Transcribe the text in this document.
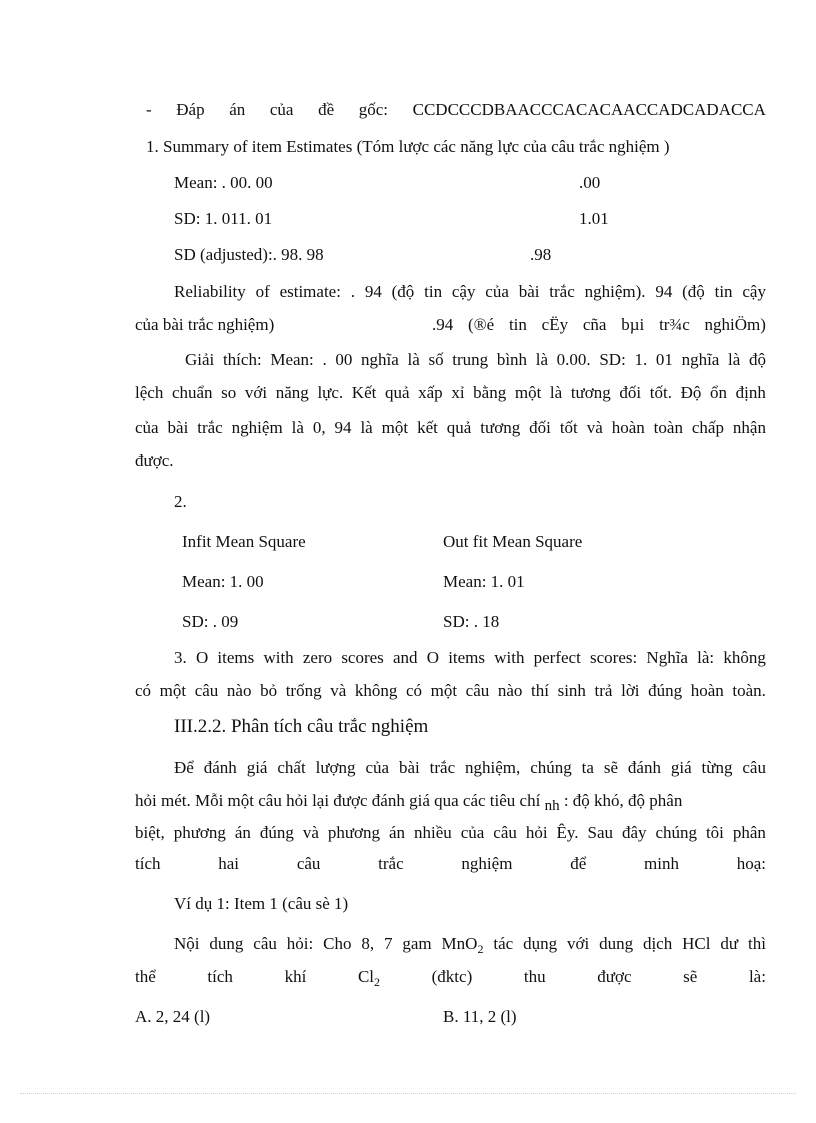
- Đáp án của đề gốc: CCDCCCDBAACCCACACAACCADCADACCA
1. Summary of item Estimates (Tóm lược các năng lực của câu trắc nghiệm )
Mean: . 00. 00	.00
SD: 1. 011. 01	1.01
SD (adjusted):. 98. 98	.98
Reliability of estimate: . 94 (độ tin cậy của bài trắc nghiệm). 94 (độ tin cậy
của bài trắc nghiệm)	.94 (®é tin cËy cña bµi tr¾c nghiÖm)
Giải thích: Mean: . 00 nghĩa là số trung bình là 0.00. SD: 1. 01 nghĩa là độ
lệch chuẩn so với năng lực. Kết quả xấp xỉ bằng một là tương đối tốt. Độ ổn định
của bài trắc nghiệm là 0, 94 là một kết quả tương đối tốt và hoàn toàn chấp nhận
được.
2.
Infit Mean Square	Out fit Mean Square
Mean: 1. 00	Mean: 1. 01
SD: . 09	SD: . 18
3. O items with zero scores and O items with perfect scores: Nghĩa là: không
có một câu nào bỏ trống và không có một câu nào thí sinh trả lời đúng hoàn toàn.
III.2.2. Phân tích câu trắc nghiệm
Để đánh giá chất lượng của bài trắc nghiệm, chúng ta sẽ đánh giá từng câu
hỏi mét. Mỗi một câu hỏi lại được đánh giá qua các tiêu chí nh : độ khó, độ phân
biệt, phương án đúng và phương án nhiều của câu hỏi Êy. Sau đây chúng tôi phân
tích	hai	câu	trắc	nghiệm	để	minh	hoạ:
Ví dụ 1: Item 1 (câu sè 1)
Nội dung câu hỏi: Cho 8, 7 gam MnO$_2$ tác dụng với dung dịch HCl dư thì
thể	tích	khí	$Cl_2$	(đktc)	thu	được	sẽ	là:
A. 2, 24 (l)	B. 11, 2 (l)
